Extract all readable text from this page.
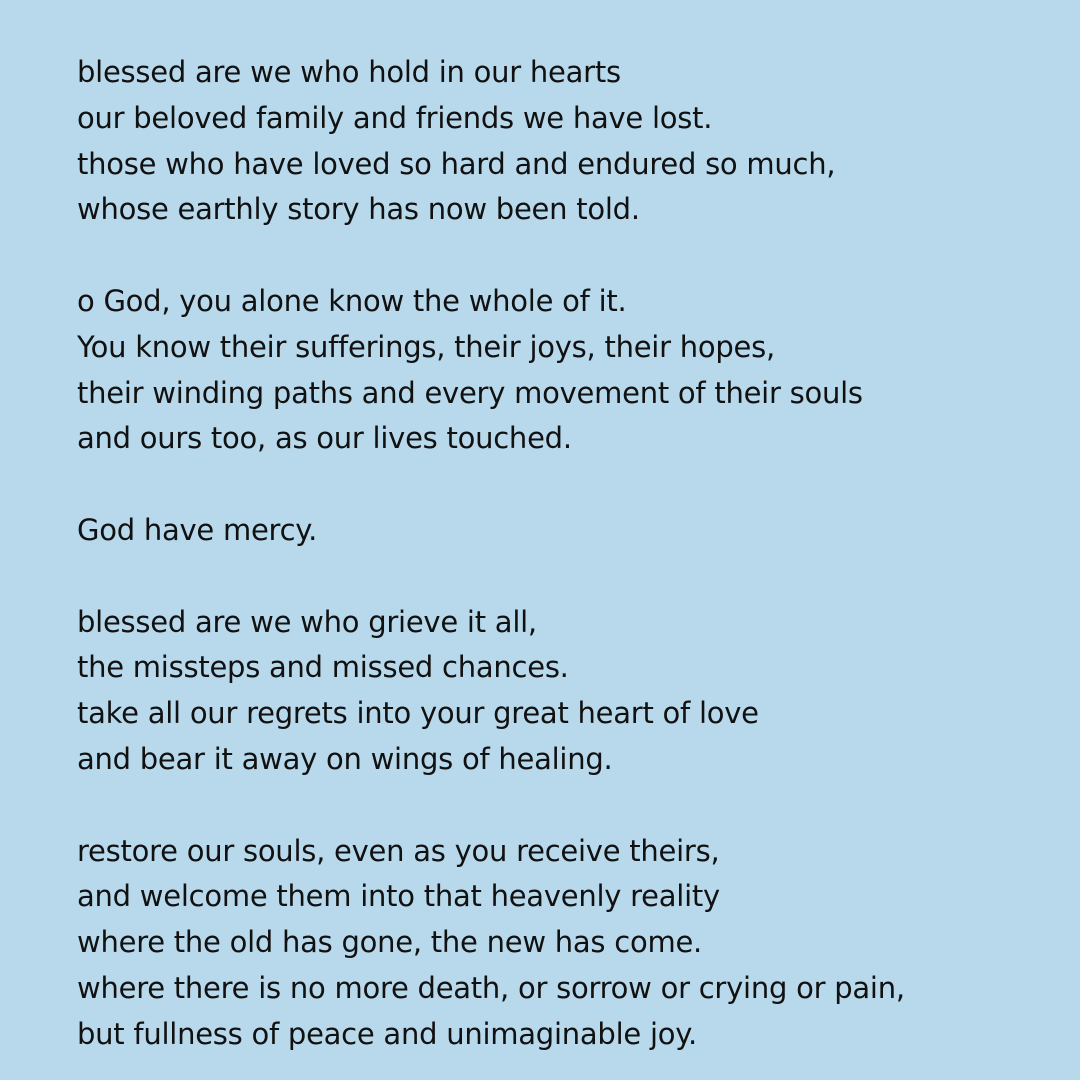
blessed are we who hold in our hearts
our beloved family and friends we have lost.
those who have loved so hard and endured so much,
whose earthly story has now been told.
o God, you alone know the whole of it.
You know their sufferings, their joys, their hopes,
their winding paths and every movement of their souls
and ours too, as our lives touched.
God have mercy.
blessed are we who grieve it all,
the missteps and missed chances.
take all our regrets into your great heart of love
and bear it away on wings of healing.
restore our souls, even as you receive theirs,
and welcome them into that heavenly reality
where the old has gone, the new has come.
where there is no more death, or sorrow or crying or pain,
but fullness of peace and unimaginable joy.
